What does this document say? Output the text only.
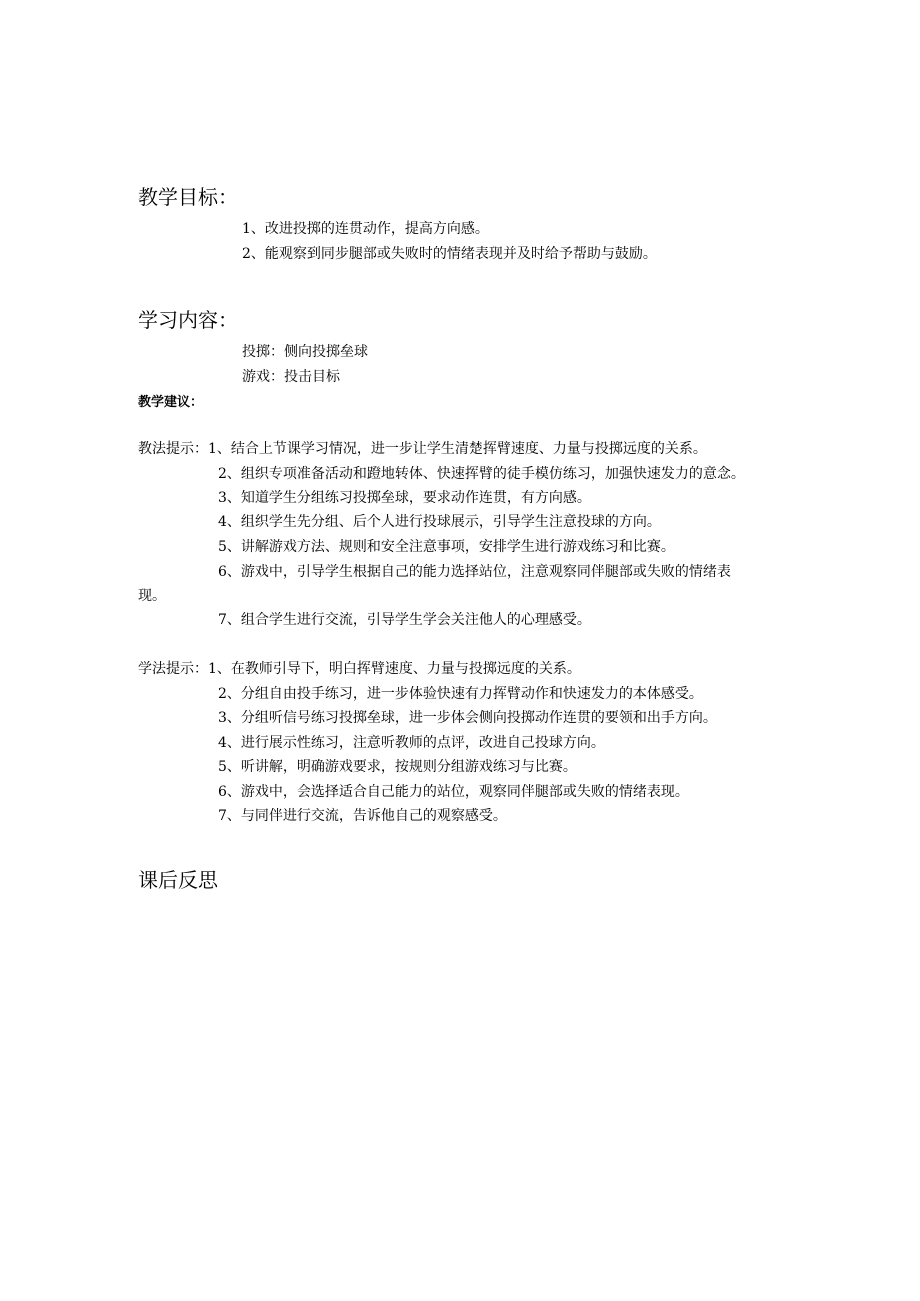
教学目标：
1、改进投掷的连贯动作，提高方向感。
2、能观察到同步腿部或失败时的情绪表现并及时给予帮助与鼓励。
学习内容：
投掷：侧向投掷垒球
游戏：投击目标
教学建议：
教法提示：1、结合上节课学习情况，进一步让学生清楚挥臂速度、力量与投掷远度的关系。
2、组织专项准备活动和蹬地转体、快速挥臂的徒手模仿练习，加强快速发力的意念。
3、知道学生分组练习投掷垒球，要求动作连贯，有方向感。
4、组织学生先分组、后个人进行投球展示，引导学生注意投球的方向。
5、讲解游戏方法、规则和安全注意事项，安排学生进行游戏练习和比赛。
6、游戏中，引导学生根据自己的能力选择站位，注意观察同伴腿部或失败的情绪表
现。
7、组合学生进行交流，引导学生学会关注他人的心理感受。
学法提示：1、在教师引导下，明白挥臂速度、力量与投掷远度的关系。
2、分组自由投手练习，进一步体验快速有力挥臂动作和快速发力的本体感受。
3、分组听信号练习投掷垒球，进一步体会侧向投掷动作连贯的要领和出手方向。
4、进行展示性练习，注意听教师的点评，改进自己投球方向。
5、听讲解，明确游戏要求，按规则分组游戏练习与比赛。
6、游戏中，会选择适合自己能力的站位，观察同伴腿部或失败的情绪表现。
7、与同伴进行交流，告诉他自己的观察感受。
课后反思
